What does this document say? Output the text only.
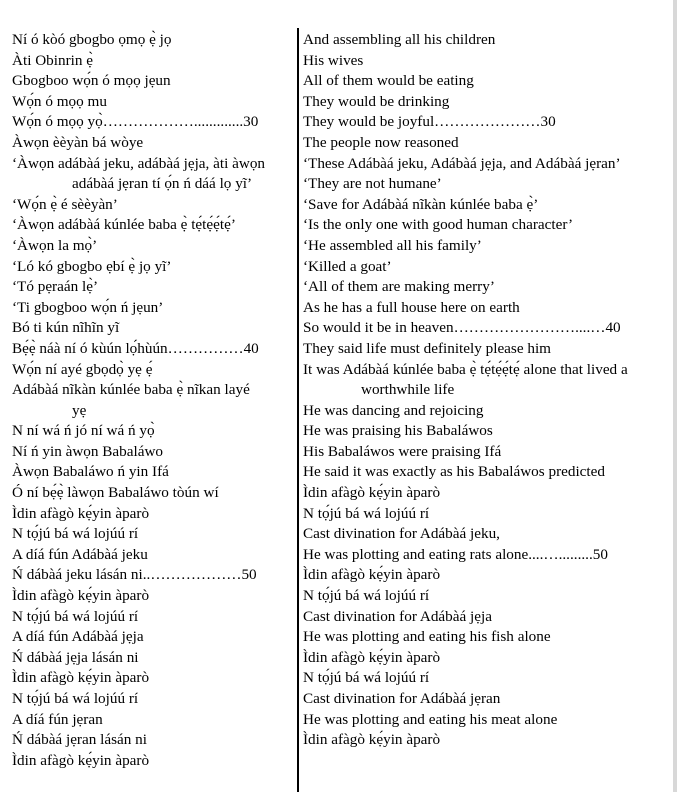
Ní ó kòó gbogbo ọmọ ẹ̀ jọ
Àti Obinrin ẹ̀
Gbogboo wọ́n ó mọọ jẹun
Wọ́n ó mọọ mu
Wọ́n ó mọọ yọ̀……………….............30
Àwọn èèyàn bá wòye
‘Àwọn adábàá jeku, adábàá jẹja, àti àwọn
adábàá jẹran tí ọ́n ń dáá lọ yĩ’
‘Wọ́n ẹ̀ é sèèyàn’
‘Àwọn adábàá kúnlée baba ẹ̀ tẹ́tẹ́ẹ́tẹ́’
‘Àwọn la mọ̀’
‘Ló kó gbogbo ẹbí ẹ̀ jọ yĩ’
‘Tó pẹraán lẹ̀’
‘Ti gbogboo wọ́n ń jẹun’
Bó ti kún nĩhĩn yĩ
Bẹ́ẹ̀ náà ní ó kùún lọ́hùún……………40
Wọ́n ní ayé gbọdọ̀ yẹ ẹ́
Adábàá nĩkàn kúnlée baba ẹ̀ nĩkan layé
yẹ
N ní wá ń jó ní wá ń yọ̀
Ní ń yin àwọn Babaláwo
Àwọn Babaláwo ń yin Ifá
Ó ní bẹ́ẹ̀ làwọn Babaláwo tòún wí
Ìdin afàgò kẹ́yin àparò
N tọ́jú bá wá lojúú rí
A díá fún Adábàá jeku
Ń dábàá jeku lásán ni..………………50
Ìdin afàgò kẹ́yin àparò
N tọ́jú bá wá lojúú rí
A díá fún Adábàá jẹja
Ń dábàá jẹja lásán ni
Ìdin afàgò kẹ́yin àparò
N tọ́jú bá wá lojúú rí
A díá fún jẹran
Ń dábàá jẹran lásán ni
Ìdin afàgò kẹ́yin àparò
And assembling all his children
His wives
All of them would be eating
They would be drinking
They would be joyful…………………30
The people now reasoned
‘These Adábàá jeku, Adábàá jẹja, and Adábàá jẹran’
‘They are not humane’
‘Save for Adábàá nĩkàn kúnlée baba ẹ̀’
‘Is the only one with good human character’
‘He assembled all his family’
‘Killed a goat’
‘All of them are making merry’
As he has a full house here on earth
So would it be in heaven……………………....…40
They said life must definitely please him
It was Adábàá kúnlée baba ẹ̀ tẹ́tẹ́ẹ́tẹ́ alone that lived a
worthwhile life
He was dancing and rejoicing
He was praising his Babaláwos
His Babaláwos were praising Ifá
He said it was exactly as his Babaláwos predicted
Ìdin afàgò kẹ́yin àparò
N tọ́jú bá wá lojúú rí
Cast divination for Adábàá jeku,
He was plotting and eating rats alone....….........50
Ìdin afàgò kẹ́yin àparò
N tọ́jú bá wá lojúú rí
Cast divination for Adábàá jẹja
He was plotting and eating his fish alone
Ìdin afàgò kẹ́yin àparò
N tọ́jú bá wá lojúú rí
Cast divination for Adábàá jẹran
He was plotting and eating his meat alone
Ìdin afàgò kẹ́yin àparò
